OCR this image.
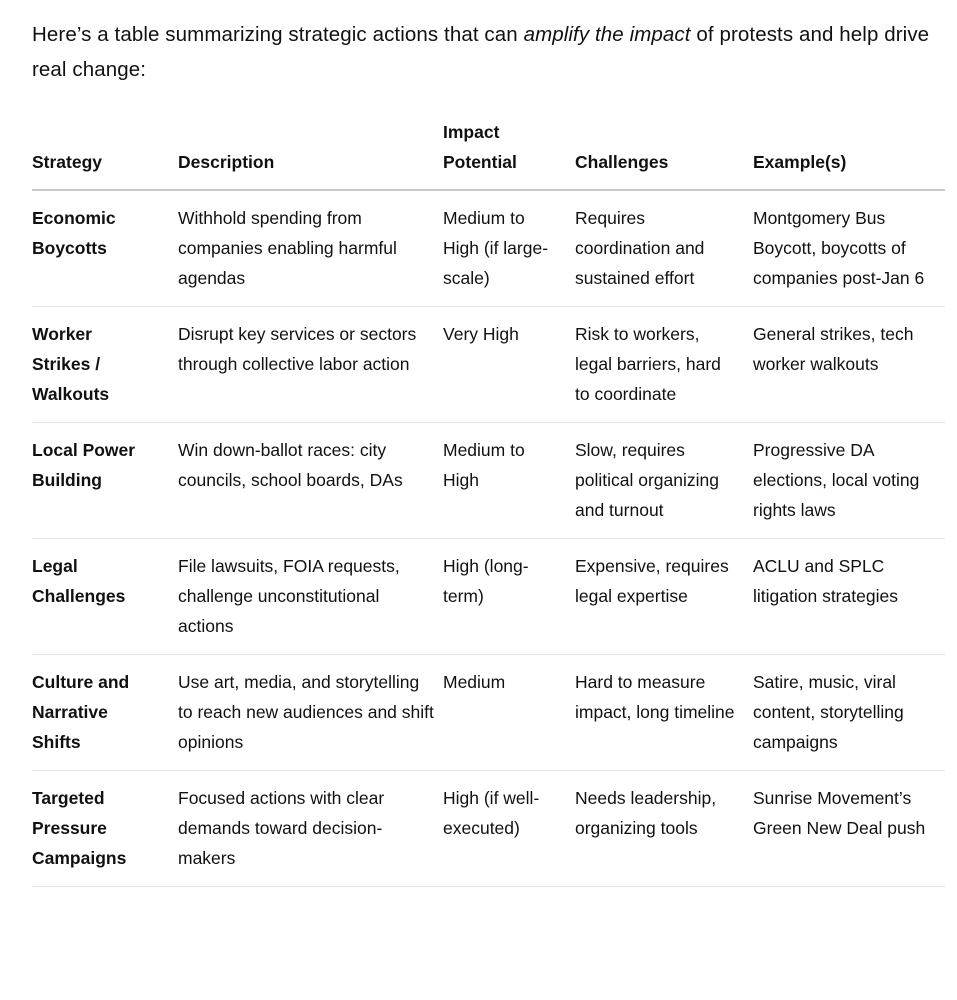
Here’s a table summarizing strategic actions that can amplify the impact of protests and help drive real change:

Strategy	Description	Impact Potential	Challenges	Example(s)
Economic Boycotts	Withhold spending from companies enabling harmful agendas	Medium to High (if large-scale)	Requires coordination and sustained effort	Montgomery Bus Boycott, boycotts of companies post-Jan 6
Worker Strikes / Walkouts	Disrupt key services or sectors through collective labor action	Very High	Risk to workers, legal barriers, hard to coordinate	General strikes, tech worker walkouts
Local Power Building	Win down-ballot races: city councils, school boards, DAs	Medium to High	Slow, requires political organizing and turnout	Progressive DA elections, local voting rights laws
Legal Challenges	File lawsuits, FOIA requests, challenge unconstitutional actions	High (long-term)	Expensive, requires legal expertise	ACLU and SPLC litigation strategies
Culture and Narrative Shifts	Use art, media, and storytelling to reach new audiences and shift opinions	Medium	Hard to measure impact, long timeline	Satire, music, viral content, storytelling campaigns
Targeted Pressure Campaigns	Focused actions with clear demands toward decision-makers	High (if well-executed)	Needs leadership, organizing tools	Sunrise Movement’s Green New Deal push
